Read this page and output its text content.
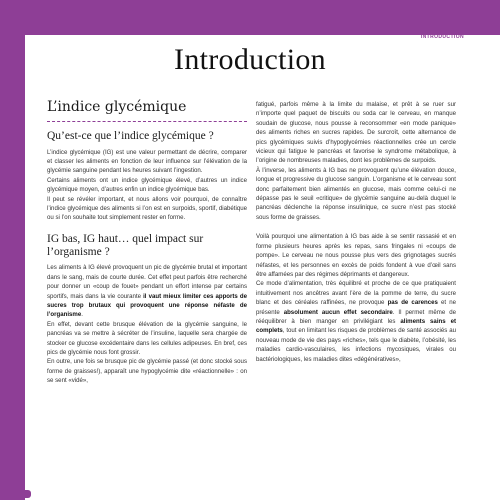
INTRODUCTION
Introduction
L’indice glycémique
Qu’est-ce que l’indice glycémique ?

L’indice glycémique (IG) est une valeur permettant de décrire, comparer et classer les aliments en fonction de leur influence sur l’élévation de la glycémie sanguine pendant les heures suivant l’ingestion.

Certains aliments ont un indice glycémique élevé, d’autres un indice glycémique moyen, d’autres enfin un indice glycémique bas.

Il peut se révéler important, et nous allons voir pourquoi, de connaître l’indice glycémique des aliments si l’on est en surpoids, sportif, diabétique ou si l’on souhaite tout simplement rester en forme.

IG bas, IG haut… quel impact sur l’organisme ?

Les aliments à IG élevé provoquent un pic de glycémie brutal et important dans le sang, mais de courte durée. Cet effet peut parfois être recherché pour donner un «coup de fouet» pendant un effort intense par certains sportifs, mais dans la vie courante il vaut mieux limiter ces apports de sucres trop brutaux qui provoquent une réponse néfaste de l’organisme.

En effet, devant cette brusque élévation de la glycémie sanguine, le pancréas va se mettre à sécréter de l’insuline, laquelle sera chargée de stocker ce glucose excédentaire dans les cellules adipeuses. En bref, ces pics de glycémie nous font grossir.

En outre, une fois se brusque pic de glycémie passé (et donc stocké sous forme de graisses!), apparaît une hypoglycémie dite «réactionnelle» : on se sent «vidé»,

fatigué, parfois même à la limite du malaise, et prêt à se ruer sur n’importe quel paquet de biscuits ou soda car le cerveau, en manque soudain de glucose, nous pousse à reconsommer «en mode panique» des aliments riches en sucres rapides. De surcroît, cette alternance de pics glycémiques suivis d’hypoglycémies réactionnelles crée un cercle vicieux qui fatigue le pancréas et favorise le syndrome métabolique, à l’origine de nombreuses maladies, dont les problèmes de surpoids.

À l’inverse, les aliments à IG bas ne provoquent qu’une élévation douce, longue et progressive du glucose sanguin. L’organisme et le cerveau sont donc parfaitement bien alimentés en glucose, mais comme celui-ci ne dépasse pas le seuil «critique» de glycémie sanguine au-delà duquel le pancréas déclenche la réponse insulinique, ce sucre n’est pas stocké sous forme de graisses.

Voilà pourquoi une alimentation à IG bas aide à se sentir rassasié et en forme plusieurs heures après les repas, sans fringales ni «coups de pompe». Le cerveau ne nous pousse plus vers des grignotages sucrés néfastes, et les personnes en excès de poids fondent à vue d’œil sans être affamées par des régimes déprimants et dangereux.

Ce mode d’alimentation, très équilibré et proche de ce que pratiquaient intuitivement nos ancêtres avant l’ère de la pomme de terre, du sucre blanc et des céréales raffinées, ne provoque pas de carences et ne présente absolument aucun effet secondaire. Il permet même de rééquilibrer à bien manger en privilégiant les aliments sains et complets, tout en limitant les risques de problèmes de santé associés au nouveau mode de vie des pays «riches», tels que le diabète, l’obésité, les maladies cardio-vasculaires, les infections mycosiques, virales ou bactériologiques, les maladies dites «dégénératives»,
